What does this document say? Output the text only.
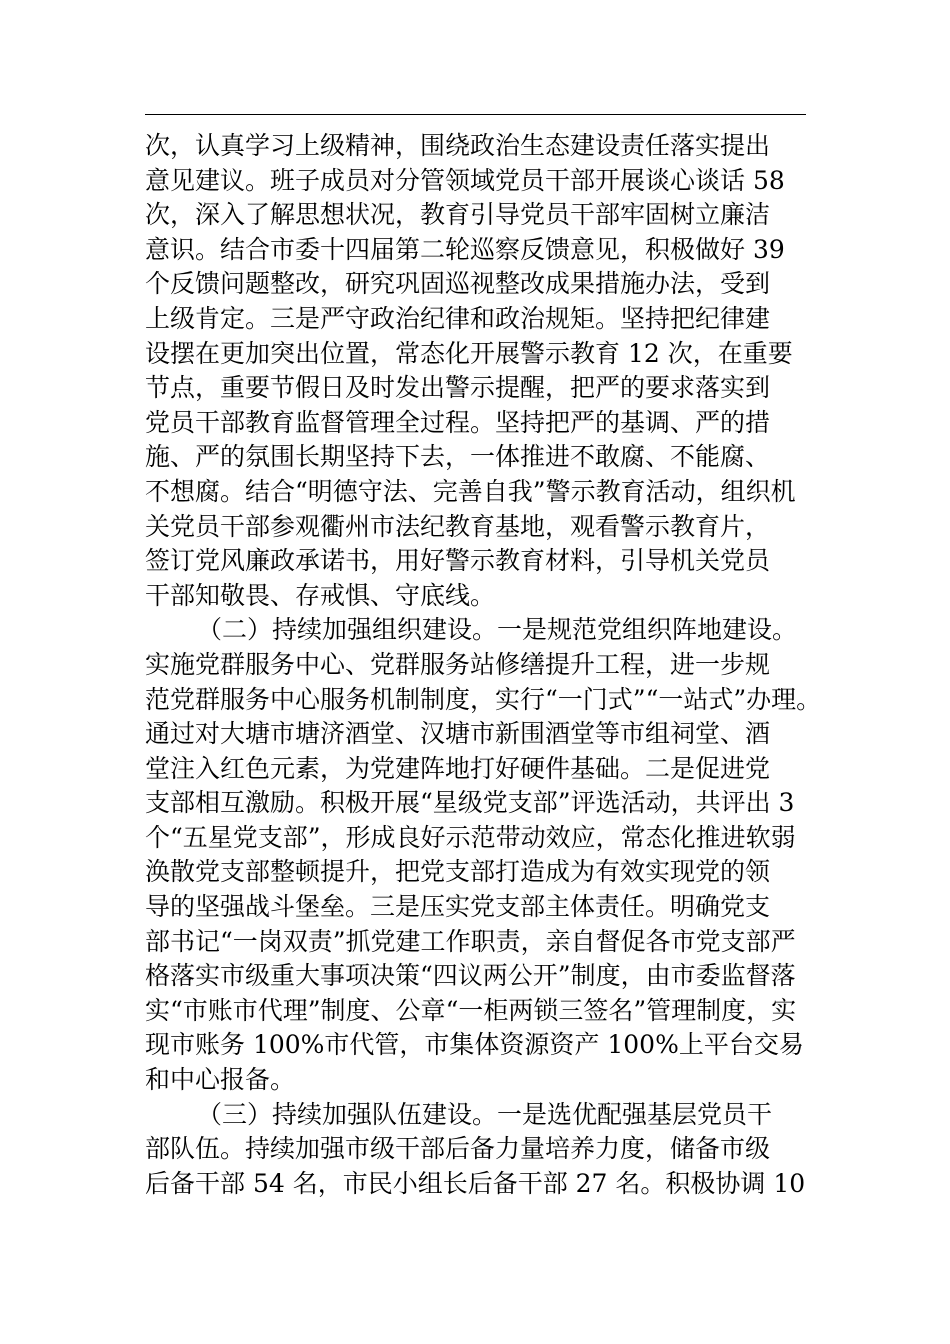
次，认真学习上级精神，围绕政治生态建设责任落实提出
意见建议。班子成员对分管领域党员干部开展谈心谈话 58
次，深入了解思想状况，教育引导党员干部牢固树立廉洁
意识。结合市委十四届第二轮巡察反馈意见，积极做好 39
个反馈问题整改，研究巩固巡视整改成果措施办法，受到
上级肯定。三是严守政治纪律和政治规矩。坚持把纪律建
设摆在更加突出位置，常态化开展警示教育 12 次，在重要
节点，重要节假日及时发出警示提醒，把严的要求落实到
党员干部教育监督管理全过程。坚持把严的基调、严的措
施、严的氛围长期坚持下去，一体推进不敢腐、不能腐、
不想腐。结合“明德守法、完善自我”警示教育活动，组织机
关党员干部参观衢州市法纪教育基地，观看警示教育片，
签订党风廉政承诺书，用好警示教育材料，引导机关党员
干部知敬畏、存戒惧、守底线。
（二）持续加强组织建设。一是规范党组织阵地建设。
实施党群服务中心、党群服务站修缮提升工程，进一步规
范党群服务中心服务机制制度，实行“一门式”“一站式”办理。
通过对大塘市塘济酒堂、汉塘市新围酒堂等市组祠堂、酒
堂注入红色元素，为党建阵地打好硬件基础。二是促进党
支部相互激励。积极开展“星级党支部”评选活动，共评出 3
个“五星党支部”，形成良好示范带动效应，常态化推进软弱
涣散党支部整顿提升，把党支部打造成为有效实现党的领
导的坚强战斗堡垒。三是压实党支部主体责任。明确党支
部书记“一岗双责”抓党建工作职责，亲自督促各市党支部严
格落实市级重大事项决策“四议两公开”制度，由市委监督落
实“市账市代理”制度、公章“一柜两锁三签名”管理制度，实
现市账务 100%市代管，市集体资源资产 100%上平台交易
和中心报备。
（三）持续加强队伍建设。一是选优配强基层党员干
部队伍。持续加强市级干部后备力量培养力度，储备市级
后备干部 54 名，市民小组长后备干部 27 名。积极协调 10
